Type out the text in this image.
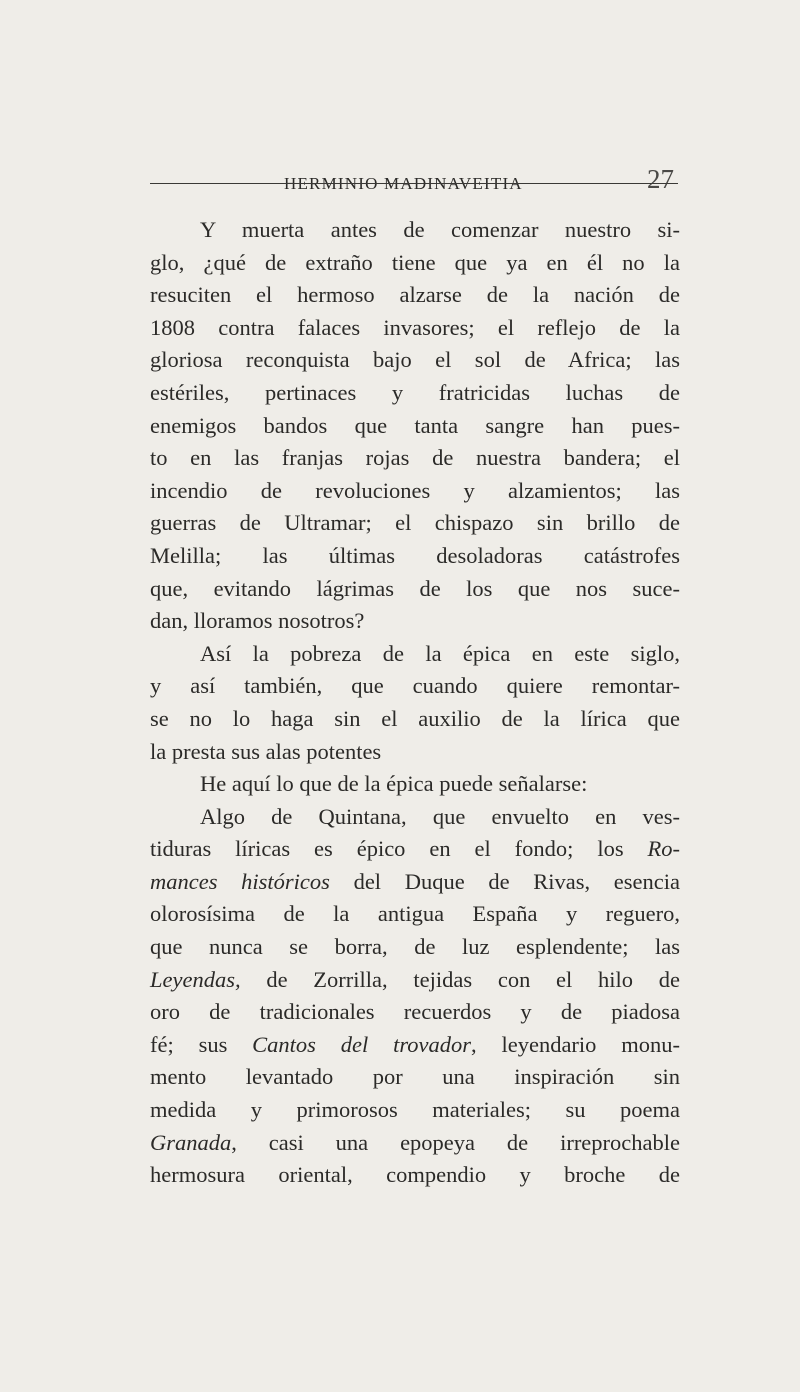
HERMINIO MADINAVEITIA	27
Y muerta antes de comenzar nuestro si-
glo, ¿qué de extraño tiene que ya en él no la
resuciten el hermoso alzarse de la nación de
1808 contra falaces invasores; el reflejo de la
gloriosa reconquista bajo el sol de Africa; las
estériles, pertinaces y fratricidas luchas de
enemigos bandos que tanta sangre han pues-
to en las franjas rojas de nuestra bandera; el
incendio de revoluciones y alzamientos; las
guerras de Ultramar; el chispazo sin brillo de
Melilla; las últimas desoladoras catástrofes
que, evitando lágrimas de los que nos suce-
dan, lloramos nosotros?
Así la pobreza de la épica en este siglo,
y así también, que cuando quiere remontar-
se no lo haga sin el auxilio de la lírica que
la presta sus alas potentes
He aquí lo que de la épica puede señalarse:
Algo de Quintana, que envuelto en ves-
tiduras líricas es épico en el fondo; los Ro-
mances históricos del Duque de Rivas, esencia
olorosísima de la antigua España y reguero,
que nunca se borra, de luz esplendente; las
Leyendas, de Zorrilla, tejidas con el hilo de
oro de tradicionales recuerdos y de piadosa
fé; sus Cantos del trovador, leyendario monu-
mento levantado por una inspiración sin
medida y primorosos materiales; su poema
Granada, casi una epopeya de irreprochable
hermosura oriental, compendio y broche de
